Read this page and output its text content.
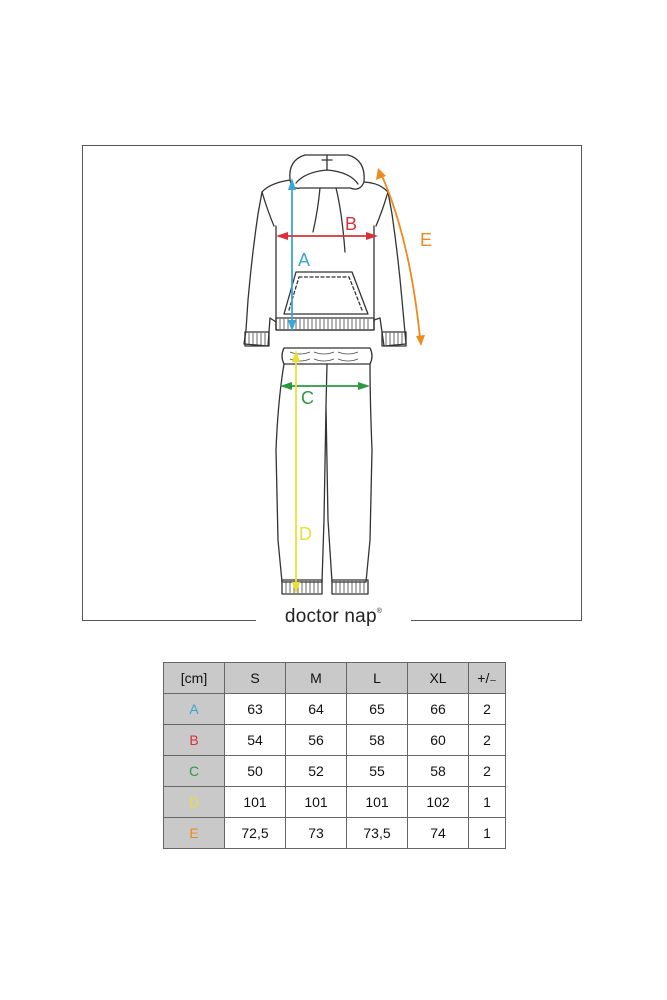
A
B
C
D
E
doctor nap®
[cm]	S	M	L	XL	+/₋
A	63	64	65	66	2
B	54	56	58	60	2
C	50	52	55	58	2
D	101	101	101	102	1
E	72,5	73	73,5	74	1
